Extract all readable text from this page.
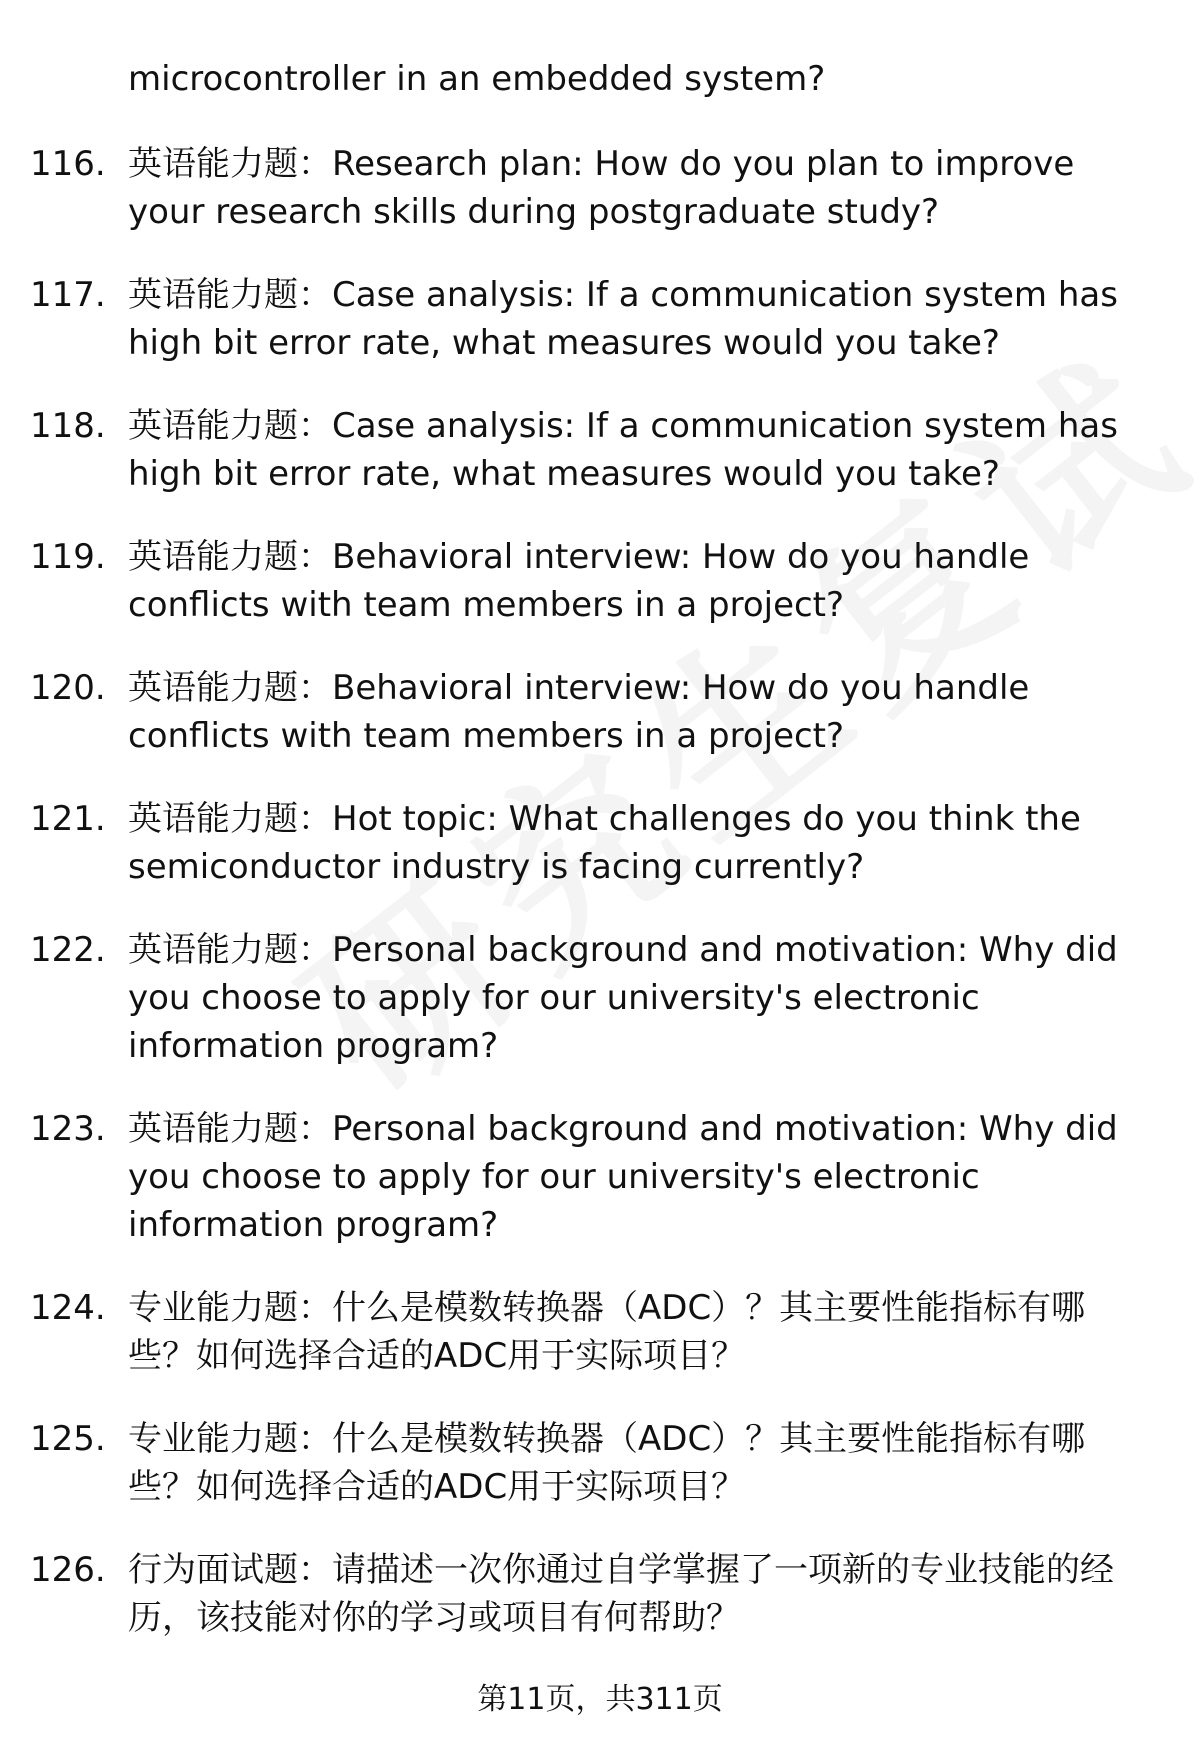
microcontroller in an embedded system?
116. 英语能力题：Research plan: How do you plan to improve your research skills during postgraduate study?
117. 英语能力题：Case analysis: If a communication system has high bit error rate, what measures would you take?
118. 英语能力题：Case analysis: If a communication system has high bit error rate, what measures would you take?
119. 英语能力题：Behavioral interview: How do you handle conflicts with team members in a project?
120. 英语能力题：Behavioral interview: How do you handle conflicts with team members in a project?
121. 英语能力题：Hot topic: What challenges do you think the semiconductor industry is facing currently?
122. 英语能力题：Personal background and motivation: Why did you choose to apply for our university's electronic information program?
123. 英语能力题：Personal background and motivation: Why did you choose to apply for our university's electronic information program?
124. 专业能力题：什么是模数转换器（ADC）？其主要性能指标有哪些？如何选择合适的ADC用于实际项目？
125. 专业能力题：什么是模数转换器（ADC）？其主要性能指标有哪些？如何选择合适的ADC用于实际项目？
126. 行为面试题：请描述一次你通过自学掌握了一项新的专业技能的经历，该技能对你的学习或项目有何帮助？
第11页，共311页
